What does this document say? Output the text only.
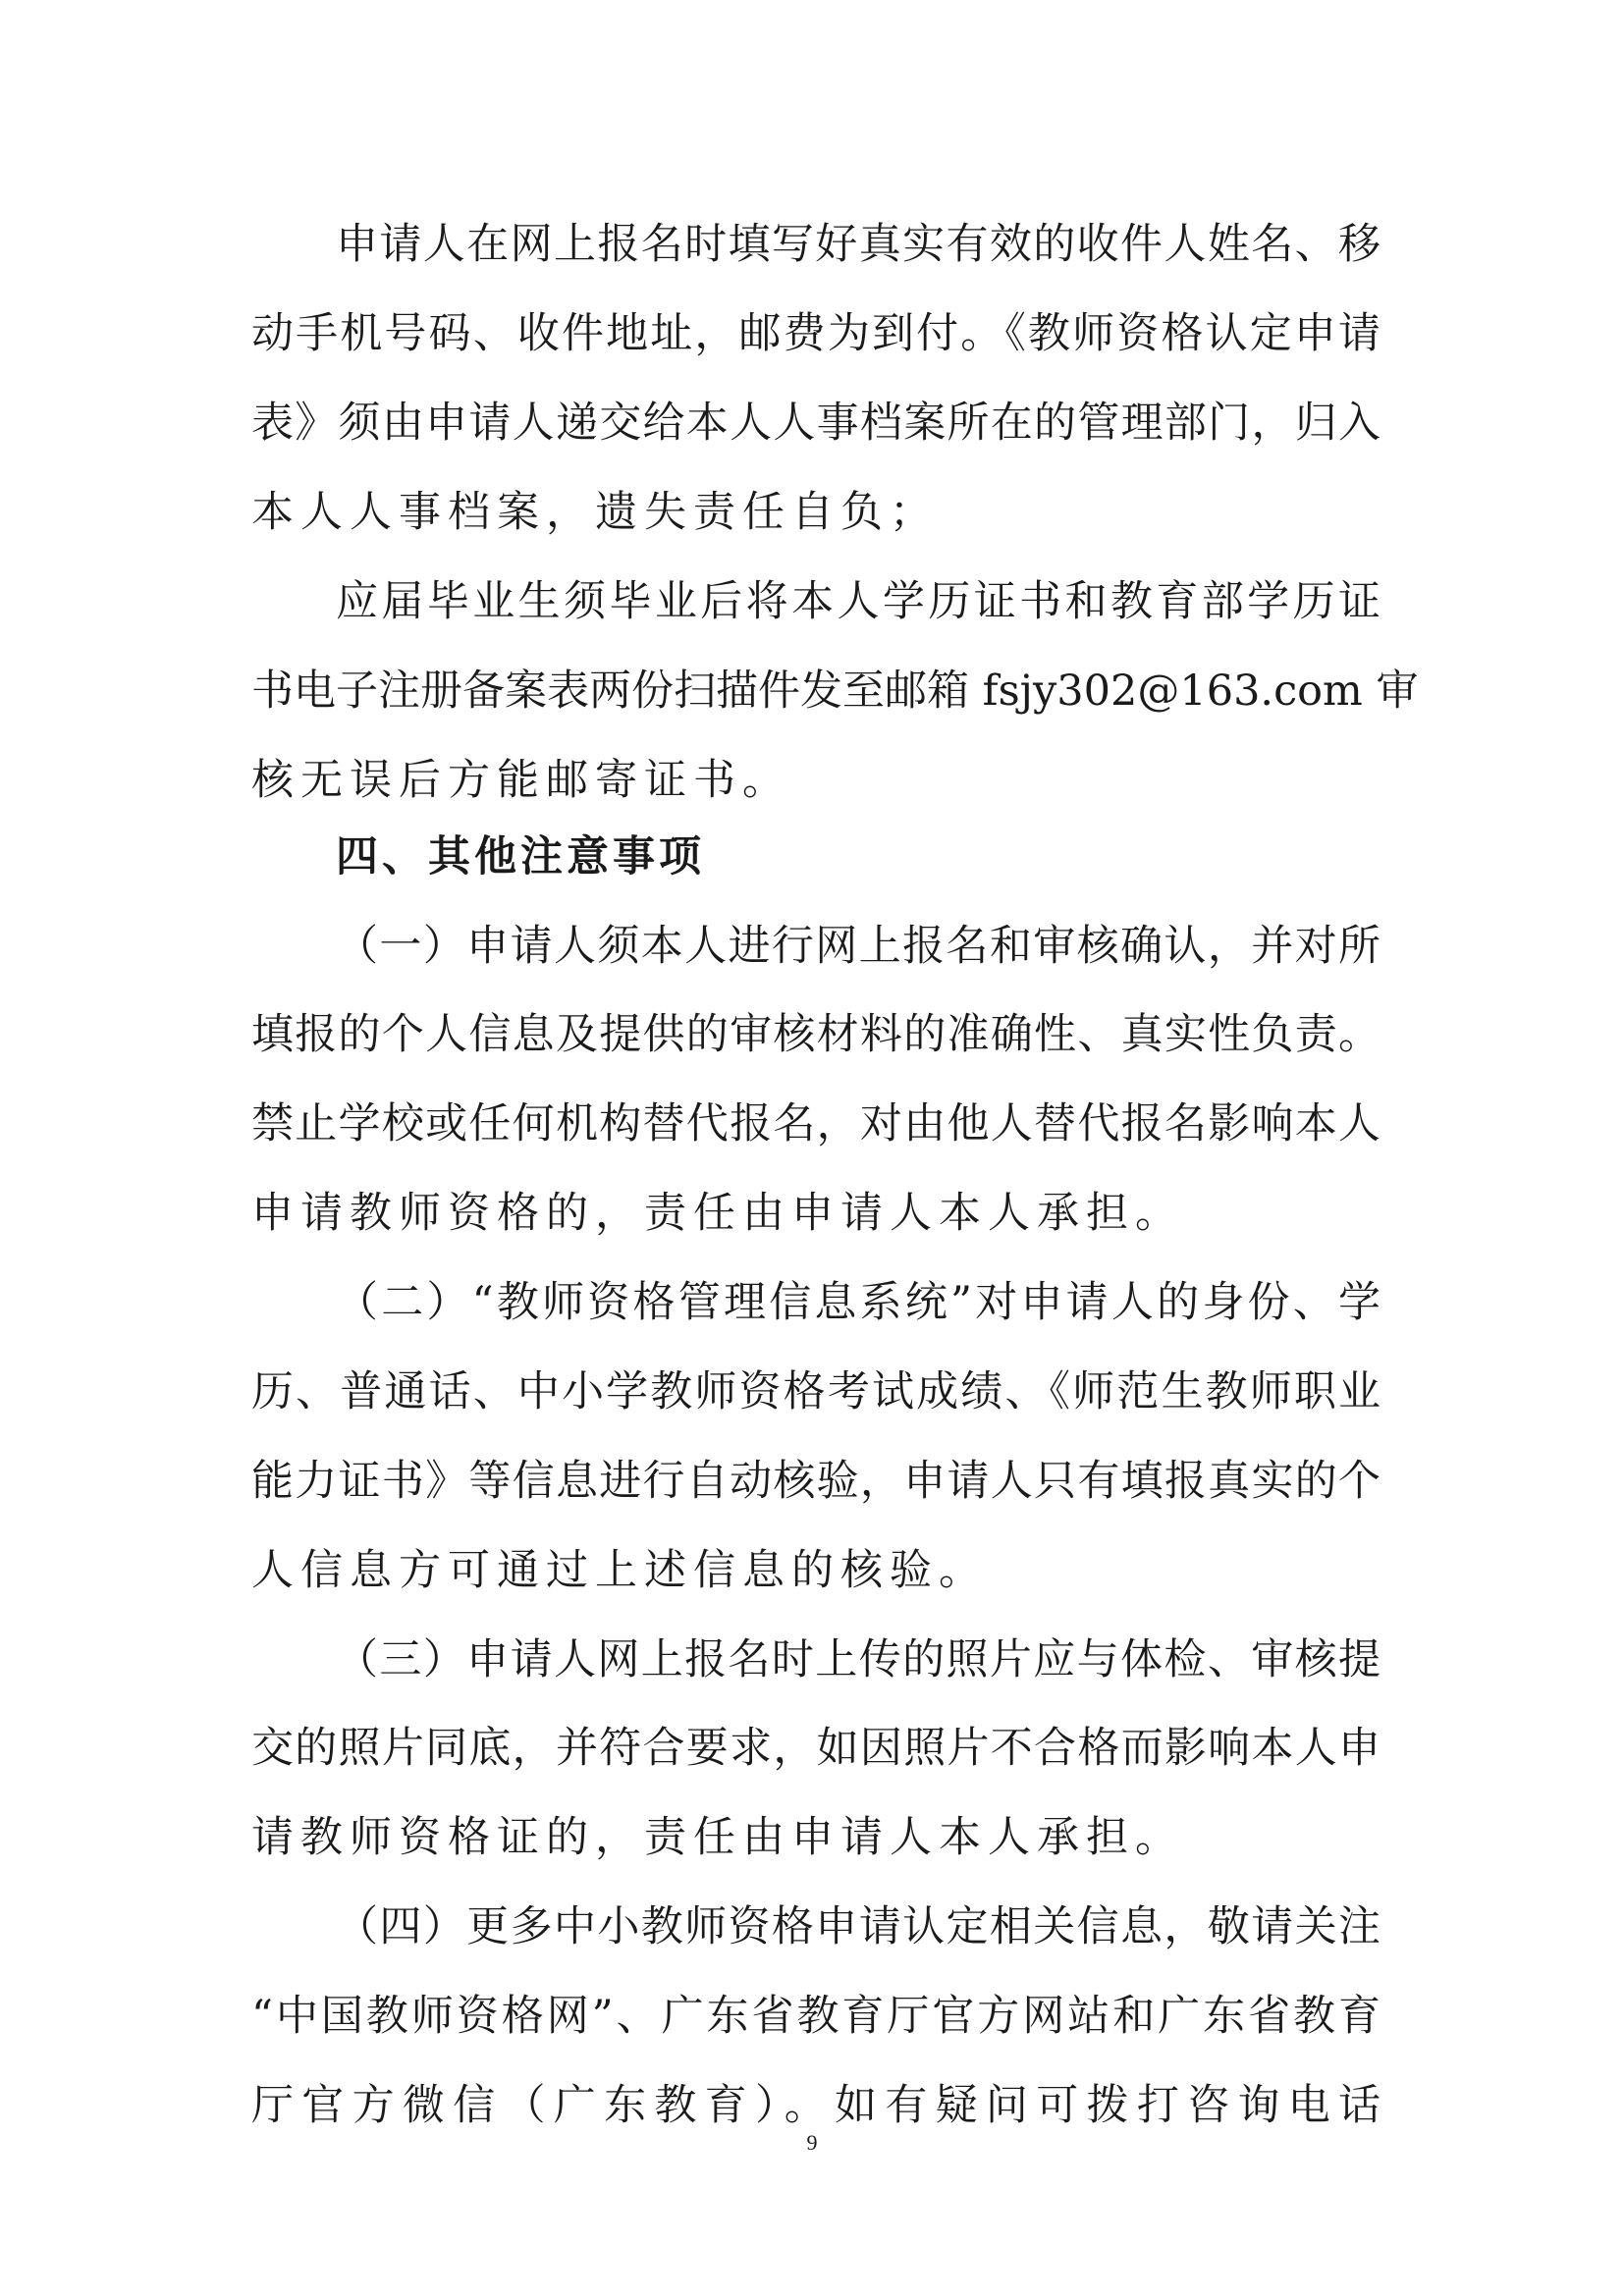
申请人在网上报名时填写好真实有效的收件人姓名、移
动手机号码、收件地址，邮费为到付。《教师资格认定申请
表》须由申请人递交给本人人事档案所在的管理部门，归入
本人人事档案，遗失责任自负；
应届毕业生须毕业后将本人学历证书和教育部学历证
书电子注册备案表两份扫描件发至邮箱 fsjy302@163.com 审
核无误后方能邮寄证书。
四、其他注意事项
（一）申请人须本人进行网上报名和审核确认，并对所
填报的个人信息及提供的审核材料的准确性、真实性负责。
禁止学校或任何机构替代报名，对由他人替代报名影响本人
申请教师资格的，责任由申请人本人承担。
（二）“教师资格管理信息系统”对申请人的身份、学
历、普通话、中小学教师资格考试成绩、《师范生教师职业
能力证书》等信息进行自动核验，申请人只有填报真实的个
人信息方可通过上述信息的核验。
（三）申请人网上报名时上传的照片应与体检、审核提
交的照片同底，并符合要求，如因照片不合格而影响本人申
请教师资格证的，责任由申请人本人承担。
（四）更多中小教师资格申请认定相关信息，敬请关注
“中国教师资格网”、广东省教育厅官方网站和广东省教育
厅官方微信（广东教育）。如有疑问可拨打咨询电话
9
